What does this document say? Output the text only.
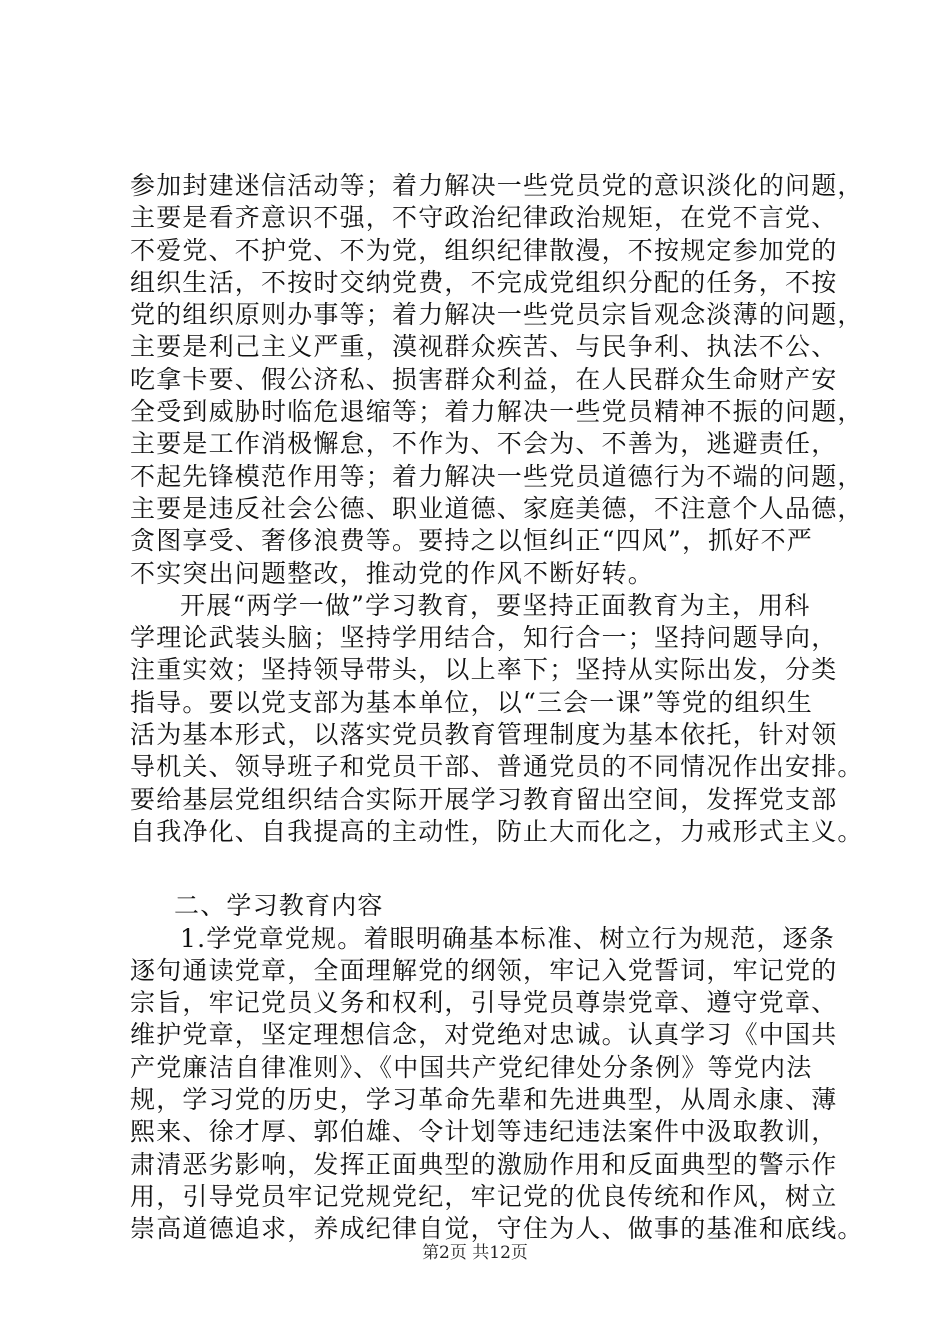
参加封建迷信活动等；着力解决一些党员党的意识淡化的问题，
主要是看齐意识不强，不守政治纪律政治规矩，在党不言党、
不爱党、不护党、不为党，组织纪律散漫，不按规定参加党的
组织生活，不按时交纳党费，不完成党组织分配的任务，不按
党的组织原则办事等；着力解决一些党员宗旨观念淡薄的问题，
主要是利己主义严重，漠视群众疾苦、与民争利、执法不公、
吃拿卡要、假公济私、损害群众利益，在人民群众生命财产安
全受到威胁时临危退缩等；着力解决一些党员精神不振的问题，
主要是工作消极懈怠，不作为、不会为、不善为，逃避责任，
不起先锋模范作用等；着力解决一些党员道德行为不端的问题，
主要是违反社会公德、职业道德、家庭美德，不注意个人品德，
贪图享受、奢侈浪费等。要持之以恒纠正“四风”，抓好不严
不实突出问题整改，推动党的作风不断好转。
开展“两学一做”学习教育，要坚持正面教育为主，用科
学理论武装头脑；坚持学用结合，知行合一；坚持问题导向，
注重实效；坚持领导带头，以上率下；坚持从实际出发，分类
指导。要以党支部为基本单位，以“三会一课”等党的组织生
活为基本形式，以落实党员教育管理制度为基本依托，针对领
导机关、领导班子和党员干部、普通党员的不同情况作出安排。
要给基层党组织结合实际开展学习教育留出空间，发挥党支部
自我净化、自我提高的主动性，防止大而化之，力戒形式主义。
二、学习教育内容
1.学党章党规。着眼明确基本标准、树立行为规范，逐条
逐句通读党章，全面理解党的纲领，牢记入党誓词，牢记党的
宗旨，牢记党员义务和权利，引导党员尊崇党章、遵守党章、
维护党章，坚定理想信念，对党绝对忠诚。认真学习《中国共
产党廉洁自律准则》、《中国共产党纪律处分条例》等党内法
规，学习党的历史，学习革命先辈和先进典型，从周永康、薄
熙来、徐才厚、郭伯雄、令计划等违纪违法案件中汲取教训，
肃清恶劣影响，发挥正面典型的激励作用和反面典型的警示作
用，引导党员牢记党规党纪，牢记党的优良传统和作风，树立
崇高道德追求，养成纪律自觉，守住为人、做事的基准和底线。
第2页 共12页
